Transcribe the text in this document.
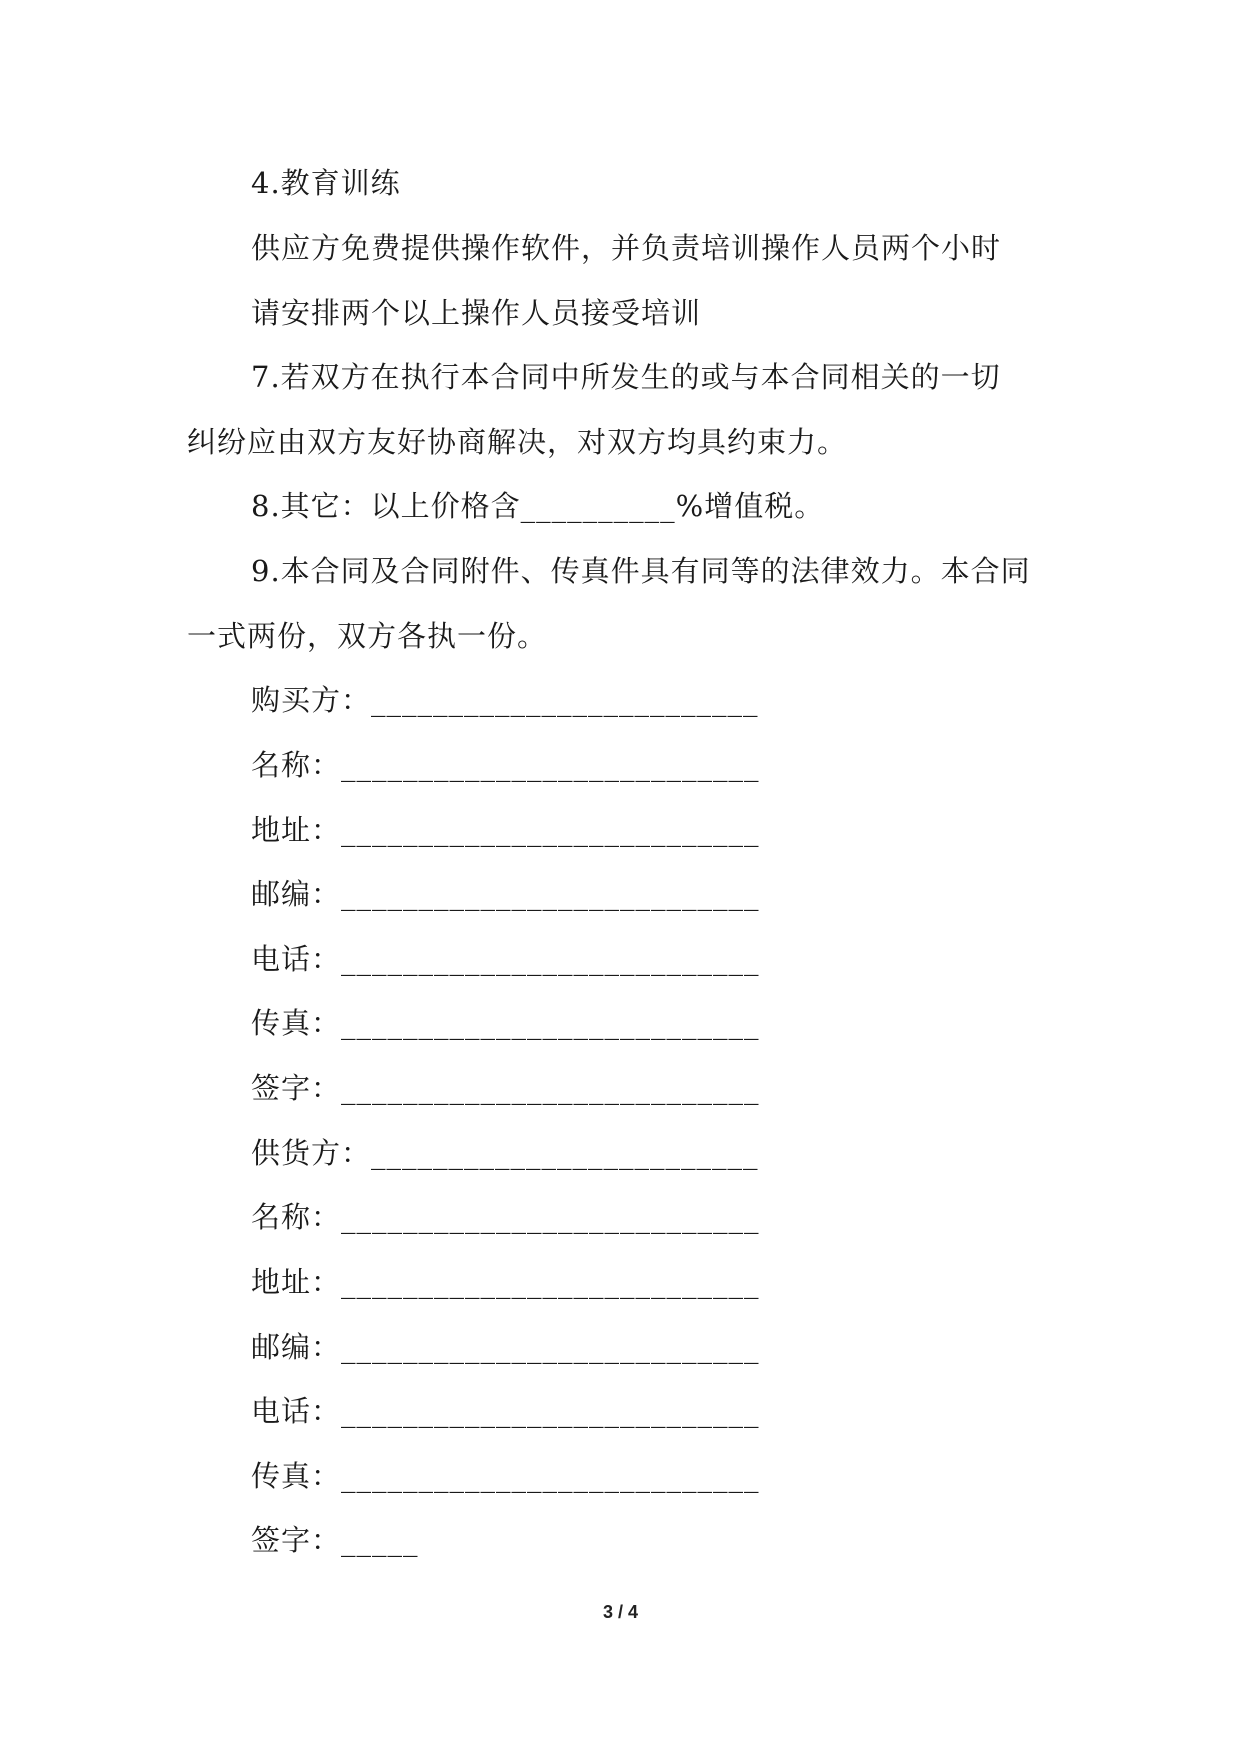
4.教育训练
供应方免费提供操作软件，并负责培训操作人员两个小时
请安排两个以上操作人员接受培训
7.若双方在执行本合同中所发生的或与本合同相关的一切
纠纷应由双方友好协商解决，对双方均具约束力。
8.其它：以上价格含__________%增值税。
9.本合同及合同附件、传真件具有同等的法律效力。本合同
一式两份，双方各执一份。
购买方：_________________________
名称：___________________________
地址：___________________________
邮编：___________________________
电话：___________________________
传真：___________________________
签字：___________________________
供货方：_________________________
名称：___________________________
地址：___________________________
邮编：___________________________
电话：___________________________
传真：___________________________
签字：_____
3 / 4
